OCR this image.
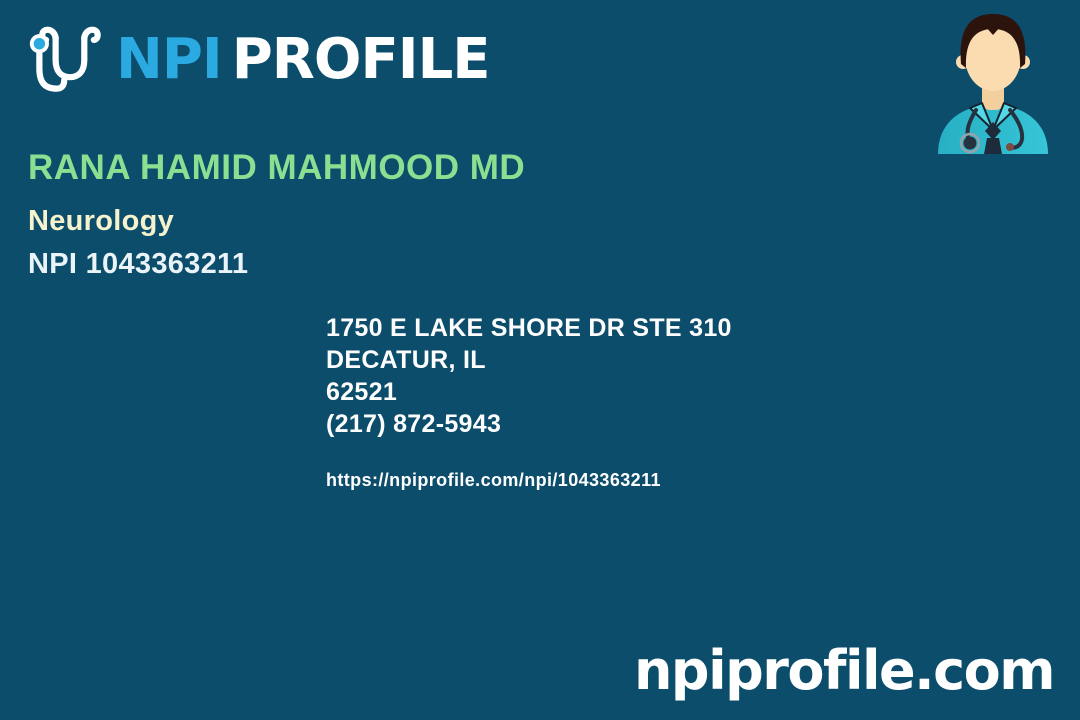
NPI PROFILE
RANA HAMID MAHMOOD MD
Neurology
NPI 1043363211
1750 E LAKE SHORE DR STE 310
DECATUR, IL
62521
(217) 872-5943
https://npiprofile.com/npi/1043363211
npiprofile.com
